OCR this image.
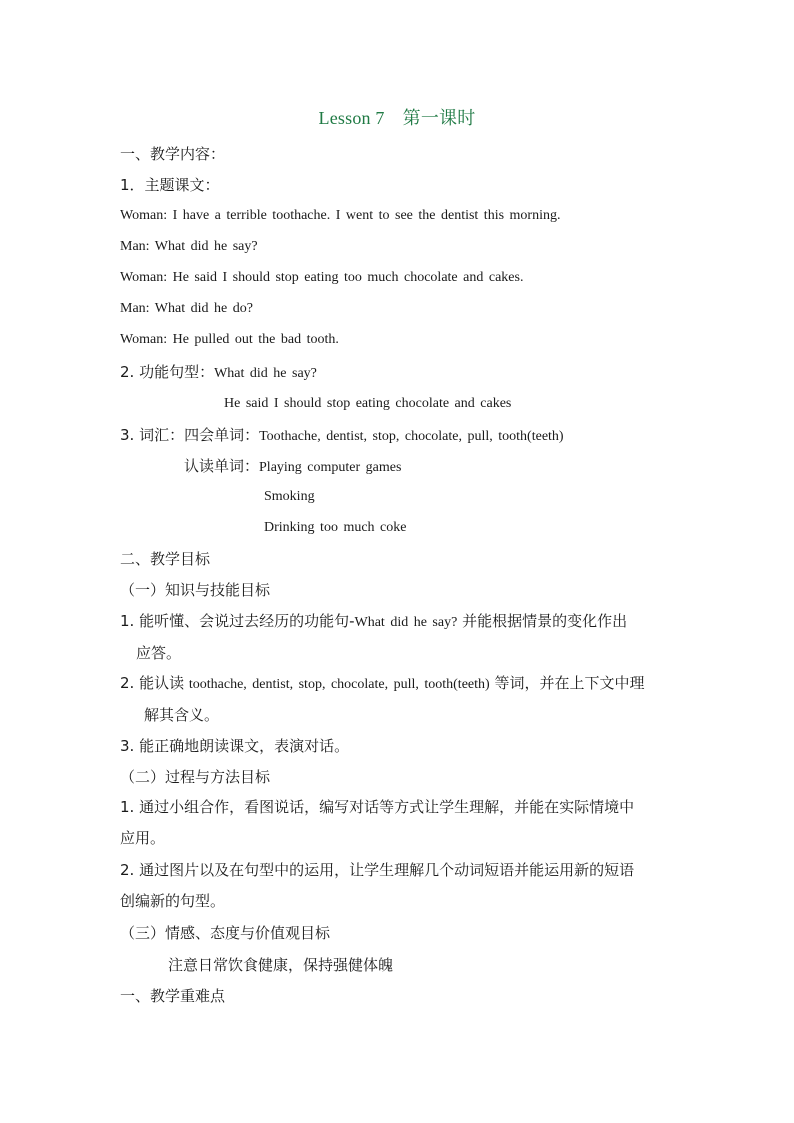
Lesson 7 第一课时
一、教学内容：
1．主题课文：
Woman: I have a terrible toothache. I went to see the dentist this morning.
Man: What did he say?
Woman: He said I should stop eating too much chocolate and cakes.
Man: What did he do?
Woman: He pulled out the bad tooth.
2. 功能句型：What did he say?
He said I should stop eating chocolate and cakes
3. 词汇：四会单词：Toothache, dentist, stop, chocolate, pull, tooth(teeth)
认读单词：Playing computer games
Smoking
Drinking too much coke
二、教学目标
（一）知识与技能目标
1. 能听懂、会说过去经历的功能句-What did he say? 并能根据情景的变化作出
应答。
2. 能认读 toothache, dentist, stop, chocolate, pull, tooth(teeth) 等词，并在上下文中理
解其含义。
3. 能正确地朗读课文，表演对话。
（二）过程与方法目标
1. 通过小组合作，看图说话，编写对话等方式让学生理解，并能在实际情境中
应用。
2. 通过图片以及在句型中的运用，让学生理解几个动词短语并能运用新的短语
创编新的句型。
（三）情感、态度与价值观目标
注意日常饮食健康，保持强健体魄
一、教学重难点
